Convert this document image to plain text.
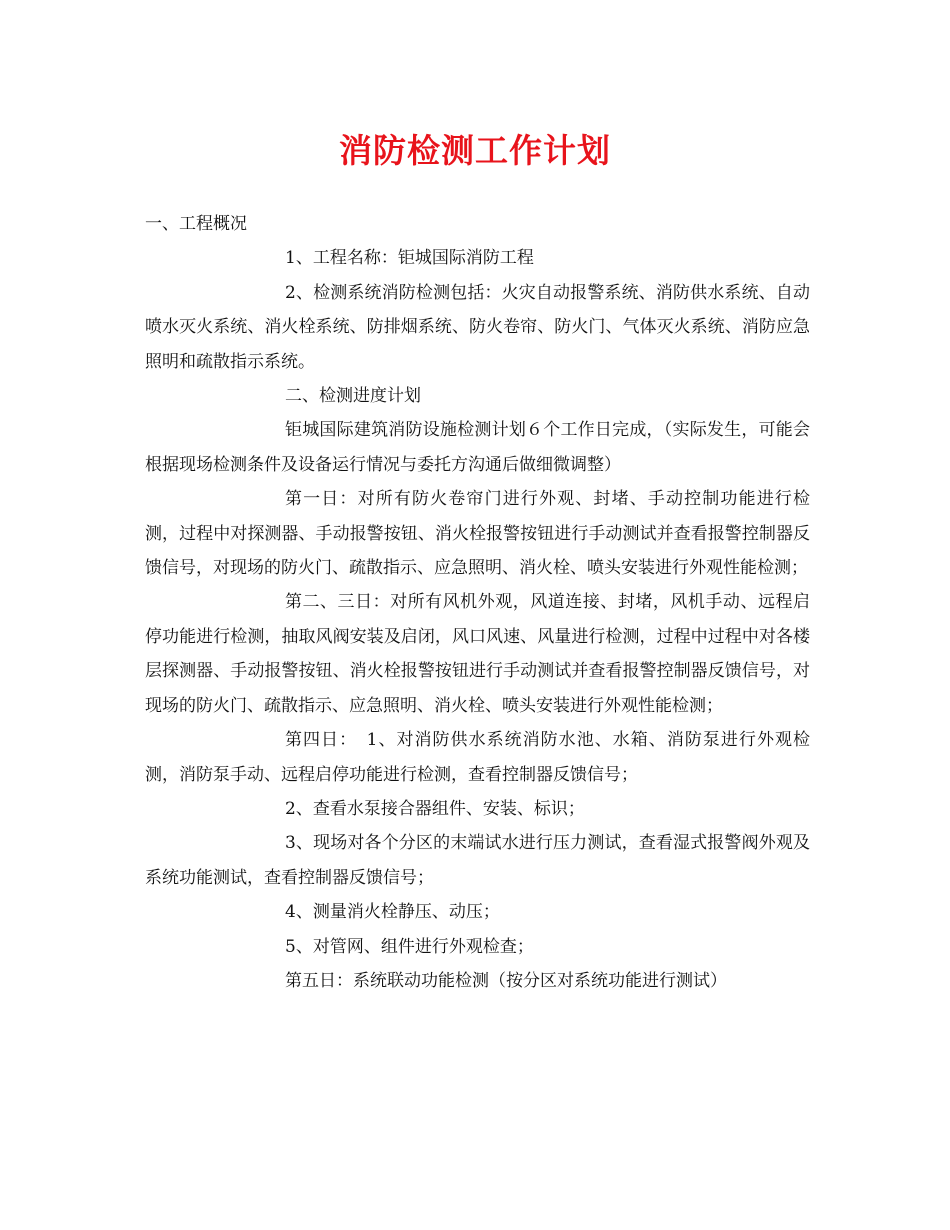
消防检测工作计划

一、工程概况

1、工程名称：钜城国际消防工程

2、检测系统消防检测包括：火灾自动报警系统、消防供水系统、自动喷水灭火系统、消火栓系统、防排烟系统、防火卷帘、防火门、气体灭火系统、消防应急照明和疏散指示系统。

二、检测进度计划

钜城国际建筑消防设施检测计划６个工作日完成，（实际发生，可能会根据现场检测条件及设备运行情况与委托方沟通后做细微调整）

第一日：对所有防火卷帘门进行外观、封堵、手动控制功能进行检测，过程中对探测器、手动报警按钮、消火栓报警按钮进行手动测试并查看报警控制器反馈信号，对现场的防火门、疏散指示、应急照明、消火栓、喷头安装进行外观性能检测；

第二、三日：对所有风机外观，风道连接、封堵，风机手动、远程启停功能进行检测，抽取风阀安装及启闭，风口风速、风量进行检测，过程中过程中对各楼层探测器、手动报警按钮、消火栓报警按钮进行手动测试并查看报警控制器反馈信号，对现场的防火门、疏散指示、应急照明、消火栓、喷头安装进行外观性能检测；

第四日：　1、对消防供水系统消防水池、水箱、消防泵进行外观检测，消防泵手动、远程启停功能进行检测，查看控制器反馈信号；

2、查看水泵接合器组件、安装、标识；

3、现场对各个分区的末端试水进行压力测试，查看湿式报警阀外观及系统功能测试，查看控制器反馈信号；

4、测量消火栓静压、动压；

5、对管网、组件进行外观检查；

第五日：系统联动功能检测（按分区对系统功能进行测试）
